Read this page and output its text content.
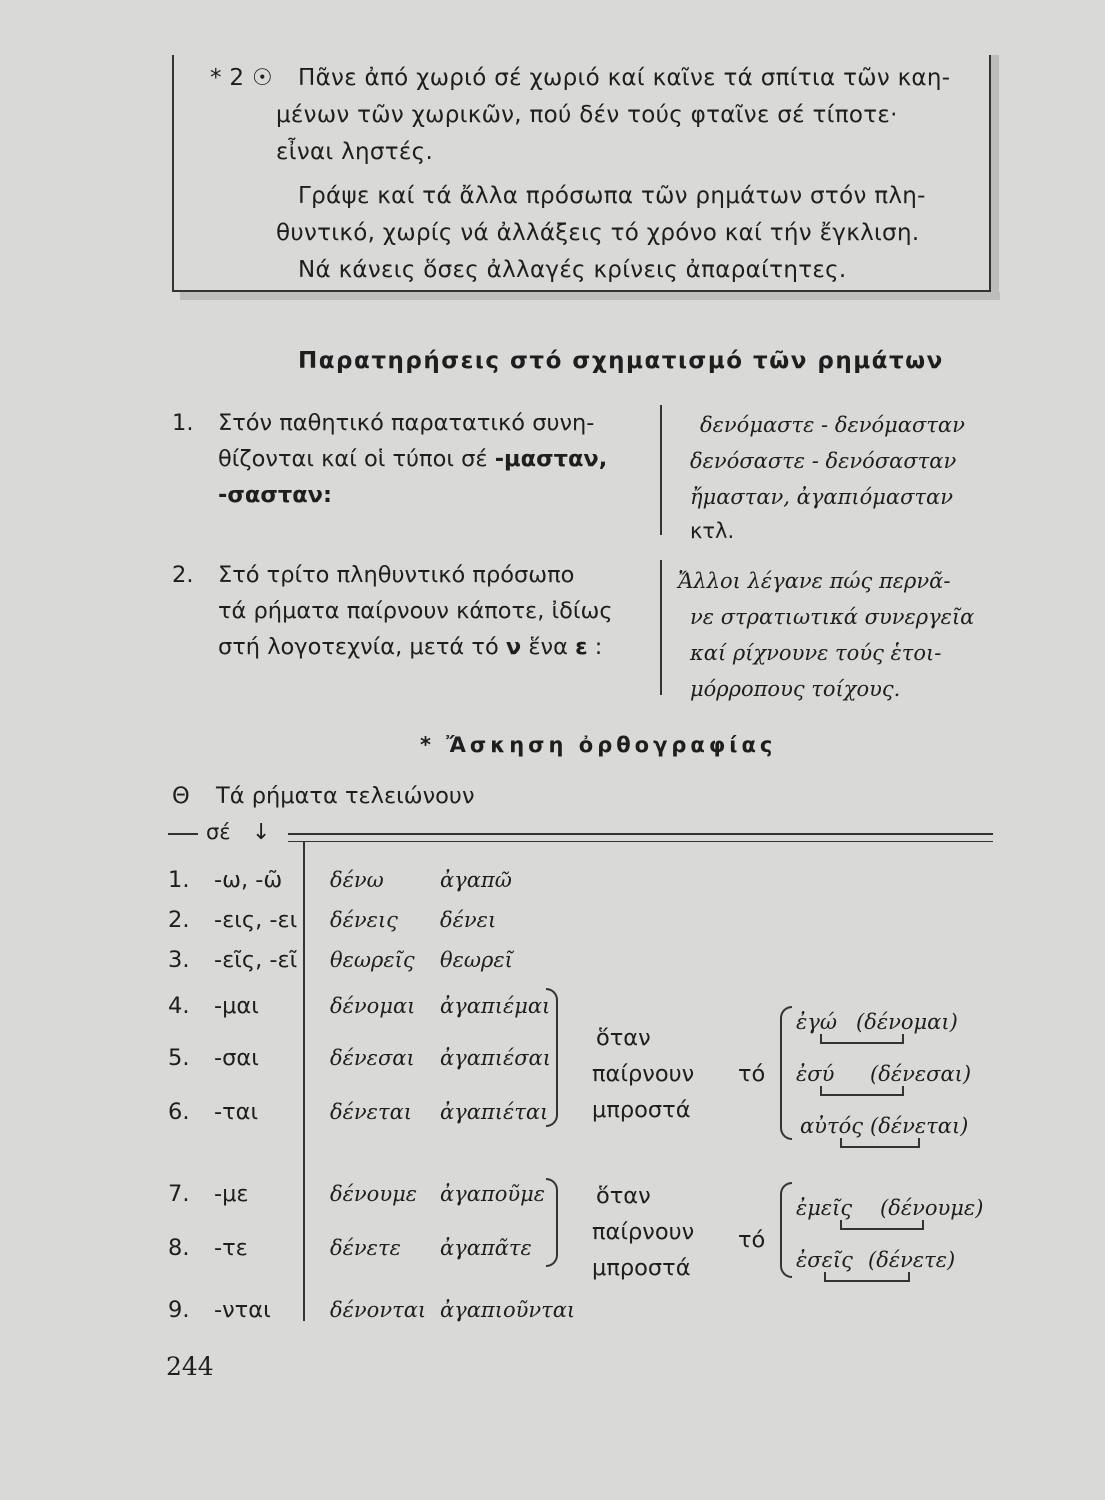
* 2 ☉	Πᾶνε ἀπό χωριό σέ χωριό καί καῖνε τά σπίτια τῶν καη-
μένων τῶν χωρικῶν, πού δέν τούς φταῖνε σέ τίποτε·
εἶναι ληστές.
Γράψε καί τά ἄλλα πρόσωπα τῶν ρημάτων στόν πλη-
θυντικό, χωρίς νά ἀλλάξεις τό χρόνο καί τήν ἔγκλιση.
Νά κάνεις ὅσες ἀλλαγές κρίνεις ἀπαραίτητες.
Παρατηρήσεις στό σχηματισμό τῶν ρημάτων
1. Στόν παθητικό παρατατικό συνη-
θίζονται καί οἱ τύποι σέ -μασταν,
-σασταν:
δενόμαστε - δενόμασταν
δενόσαστε - δενόσασταν
ἤμασταν, ἀγαπιόμασταν
κτλ.
2. Στό τρίτο πληθυντικό πρόσωπο
τά ρήματα παίρνουν κάποτε, ἰδίως
στή λογοτεχνία, μετά τό ν ἕνα ε :
Ἄλλοι λέγανε πώς περνᾶ-
νε στρατιωτικά συνεργεῖα
καί ρίχνουνε τούς ἑτοι-
μόρροπους τοίχους.
* Ἄσκηση ὀρθογραφίας
Θ Τά ρήματα τελειώνουν
σέ ↓
1. -ω, -ῶ δένω	ἀγαπῶ
2. -εις, -ει δένεις δένει
3. -εῖς, -εῖ θεωρεῖς θεωρεῖ
4. -μαι	δένομαι ἀγαπιέμαι
5. -σαι	δένεσαι ἀγαπιέσαι
6. -ται	δένεται ἀγαπιέται
7. -με	δένουμε ἀγαποῦμε
8. -τε	δένετε ἀγαπᾶτε
9. -νται	δένονται ἀγαπιοῦνται
ὅταν
παίρνουν
μπροστά
τό
ἐγώ (δένομαι)
ἐσύ (δένεσαι)
αὐτός (δένεται)
ὅταν
παίρνουν
μπροστά
τό
ἐμεῖς (δένουμε)
ἐσεῖς (δένετε)
244
